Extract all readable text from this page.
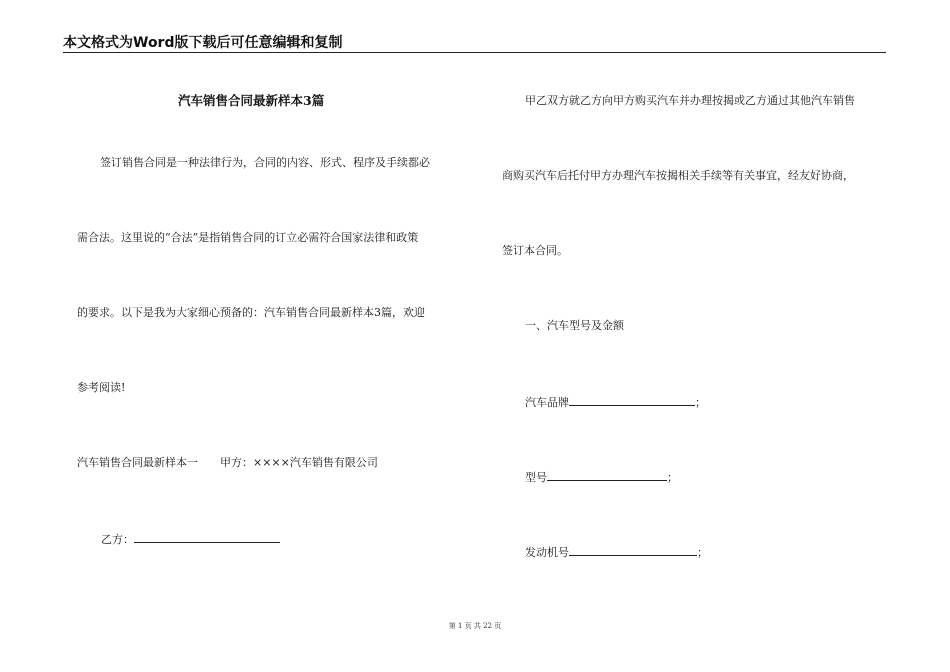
本文格式为Word版下载后可任意编辑和复制
汽车销售合同最新样本3篇
签订销售合同是一种法律行为，合同的内容、形式、程序及手续都必
需合法。这里说的“合法”是指销售合同的订立必需符合国家法律和政策
的要求。以下是我为大家细心预备的：汽车销售合同最新样本3篇，欢迎
参考阅读!
汽车销售合同最新样本一　　甲方：××××汽车销售有限公司
乙方：
甲乙双方就乙方向甲方购买汽车并办理按揭或乙方通过其他汽车销售
商购买汽车后托付甲方办理汽车按揭相关手续等有关事宜，经友好协商，
签订本合同。
一、汽车型号及金额
汽车品牌	；
型号	；
发动机号	；
第 1 页 共 22 页
